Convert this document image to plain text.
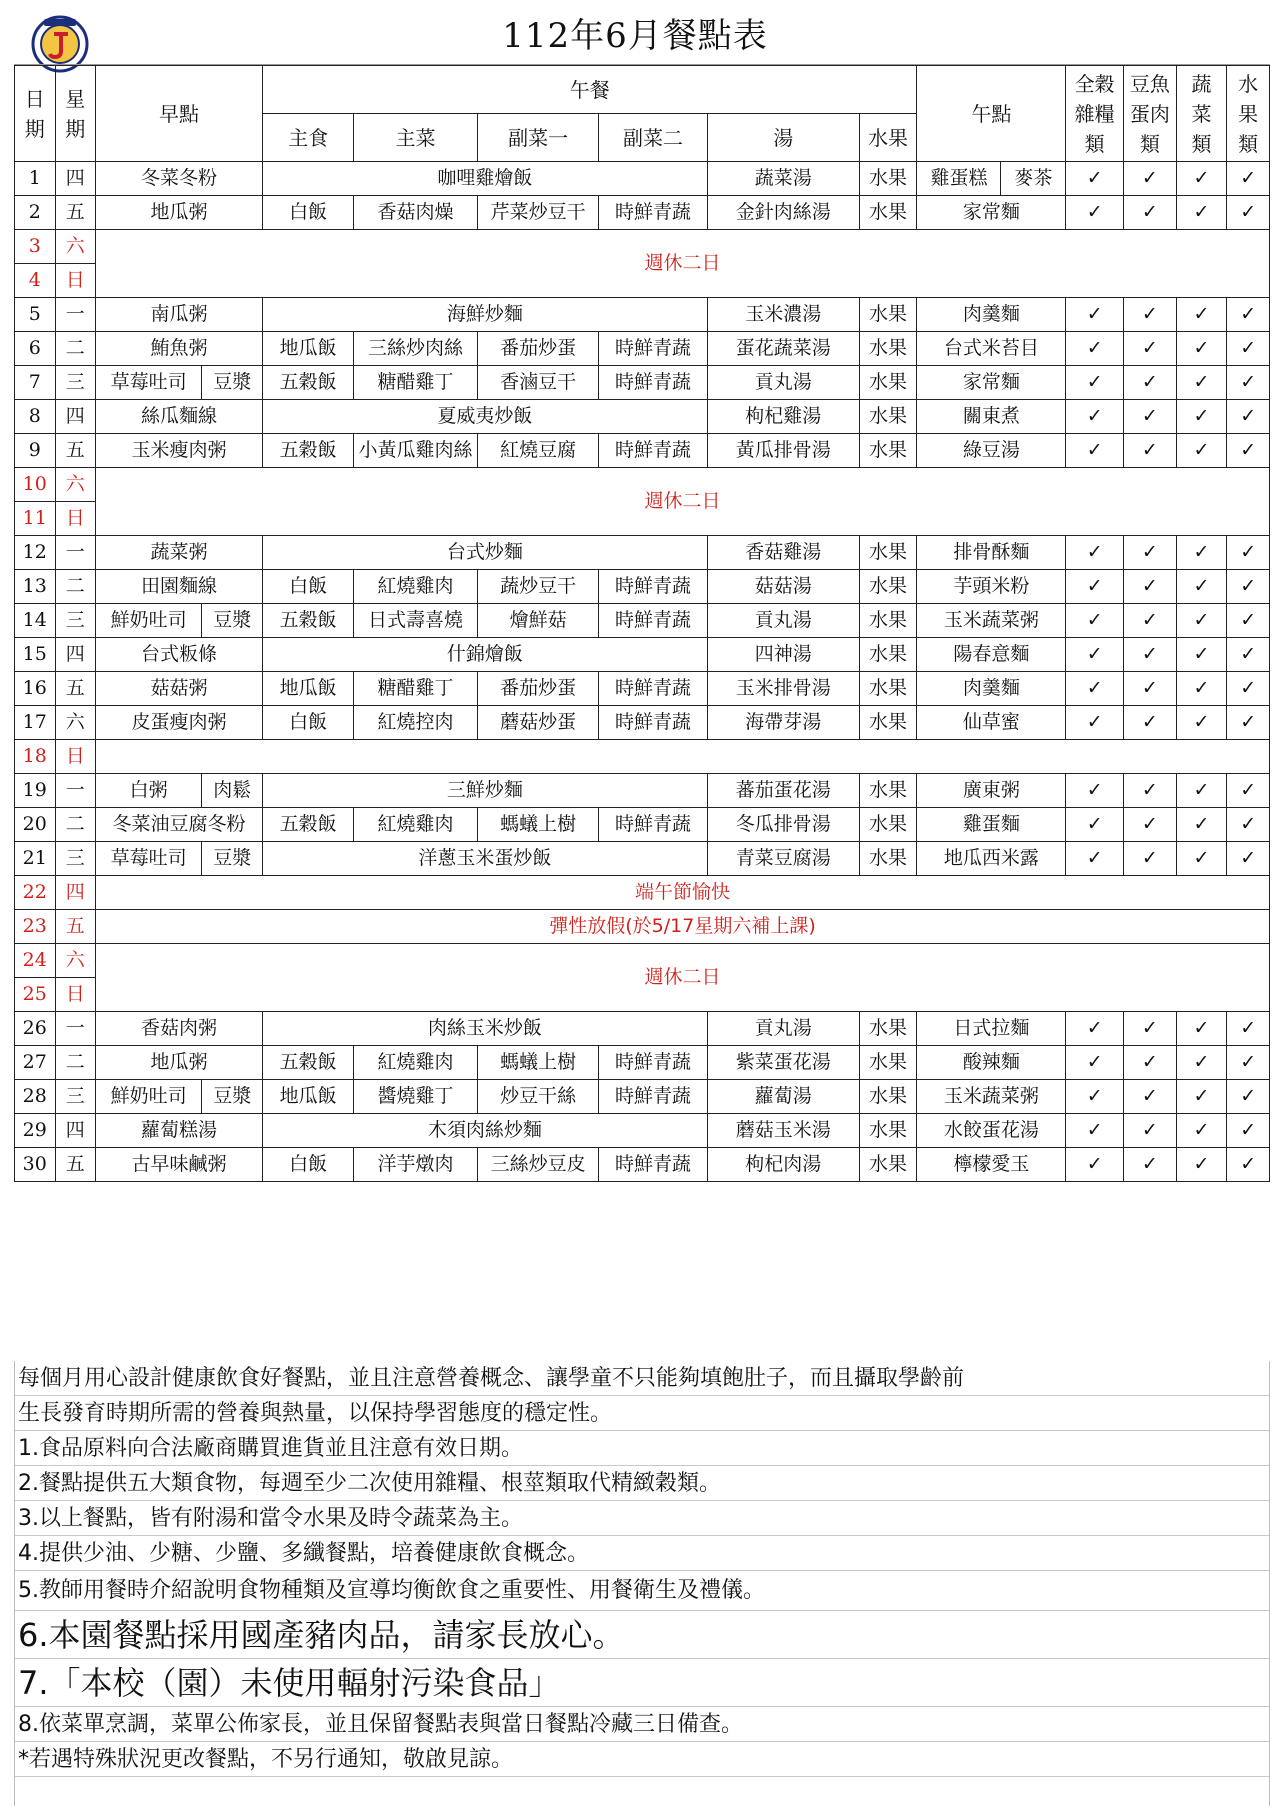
112年6月餐點表
日期	星期	早點		午餐						午點		全穀雜糧類	豆魚蛋肉類	蔬菜類	水果類
				主食	主菜	副菜一	副菜二	湯	水果						
1	四	冬菜冬粉		咖哩雞燴飯				蔬菜湯	水果	雞蛋糕	麥茶	✓	✓	✓	✓
2	五	地瓜粥		白飯	香菇肉燥	芹菜炒豆干	時鮮青蔬	金針肉絲湯	水果	家常麵		✓	✓	✓	✓
3	六	週休二日													
4	日														
5	一	南瓜粥		海鮮炒麵				玉米濃湯	水果	肉羹麵		✓	✓	✓	✓
6	二	鮪魚粥		地瓜飯	三絲炒肉絲	番茄炒蛋	時鮮青蔬	蛋花蔬菜湯	水果	台式米苔目		✓	✓	✓	✓
7	三	草莓吐司	豆漿	五穀飯	糖醋雞丁	香滷豆干	時鮮青蔬	貢丸湯	水果	家常麵		✓	✓	✓	✓
8	四	絲瓜麵線		夏威夷炒飯				枸杞雞湯	水果	關東煮		✓	✓	✓	✓
9	五	玉米瘦肉粥		五穀飯	小黃瓜雞肉絲	紅燒豆腐	時鮮青蔬	黃瓜排骨湯	水果	綠豆湯		✓	✓	✓	✓
10	六	週休二日													
11	日														
12	一	蔬菜粥		台式炒麵				香菇雞湯	水果	排骨酥麵		✓	✓	✓	✓
13	二	田園麵線		白飯	紅燒雞肉	蔬炒豆干	時鮮青蔬	菇菇湯	水果	芋頭米粉		✓	✓	✓	✓
14	三	鮮奶吐司	豆漿	五穀飯	日式壽喜燒	燴鮮菇	時鮮青蔬	貢丸湯	水果	玉米蔬菜粥		✓	✓	✓	✓
15	四	台式粄條		什錦燴飯				四神湯	水果	陽春意麵		✓	✓	✓	✓
16	五	菇菇粥		地瓜飯	糖醋雞丁	番茄炒蛋	時鮮青蔬	玉米排骨湯	水果	肉羹麵		✓	✓	✓	✓
17	六	皮蛋瘦肉粥		白飯	紅燒控肉	蘑菇炒蛋	時鮮青蔬	海帶芽湯	水果	仙草蜜		✓	✓	✓	✓
18	日														
19	一	白粥	肉鬆	三鮮炒麵				蕃茄蛋花湯	水果	廣東粥		✓	✓	✓	✓
20	二	冬菜油豆腐冬粉		五穀飯	紅燒雞肉	螞蟻上樹	時鮮青蔬	冬瓜排骨湯	水果	雞蛋麵		✓	✓	✓	✓
21	三	草莓吐司	豆漿	洋蔥玉米蛋炒飯				青菜豆腐湯	水果	地瓜西米露		✓	✓	✓	✓
22	四	端午節愉快													
23	五	彈性放假(於5/17星期六補上課)													
24	六	週休二日													
25	日														
26	一	香菇肉粥		肉絲玉米炒飯				貢丸湯	水果	日式拉麵		✓	✓	✓	✓
27	二	地瓜粥		五穀飯	紅燒雞肉	螞蟻上樹	時鮮青蔬	紫菜蛋花湯	水果	酸辣麵		✓	✓	✓	✓
28	三	鮮奶吐司	豆漿	地瓜飯	醬燒雞丁	炒豆干絲	時鮮青蔬	蘿蔔湯	水果	玉米蔬菜粥		✓	✓	✓	✓
29	四	蘿蔔糕湯		木須肉絲炒麵				蘑菇玉米湯	水果	水餃蛋花湯		✓	✓	✓	✓
30	五	古早味鹹粥		白飯	洋芋燉肉	三絲炒豆皮	時鮮青蔬	枸杞肉湯	水果	檸檬愛玉		✓	✓	✓	✓
每個月用心設計健康飲食好餐點，並且注意營養概念、讓學童不只能夠填飽肚子，而且攝取學齡前
生長發育時期所需的營養與熱量，以保持學習態度的穩定性。
1.食品原料向合法廠商購買進貨並且注意有效日期。
2.餐點提供五大類食物，每週至少二次使用雜糧、根莖類取代精緻穀類。
3.以上餐點，皆有附湯和當令水果及時令蔬菜為主。
4.提供少油、少糖、少鹽、多纖餐點，培養健康飲食概念。
5.教師用餐時介紹說明食物種類及宣導均衡飲食之重要性、用餐衛生及禮儀。
6.本園餐點採用國產豬肉品，請家長放心。
7.「本校（園）未使用輻射污染食品」
8.依菜單烹調，菜單公佈家長，並且保留餐點表與當日餐點冷藏三日備查。
*若遇特殊狀況更改餐點，不另行通知，敬啟見諒。
